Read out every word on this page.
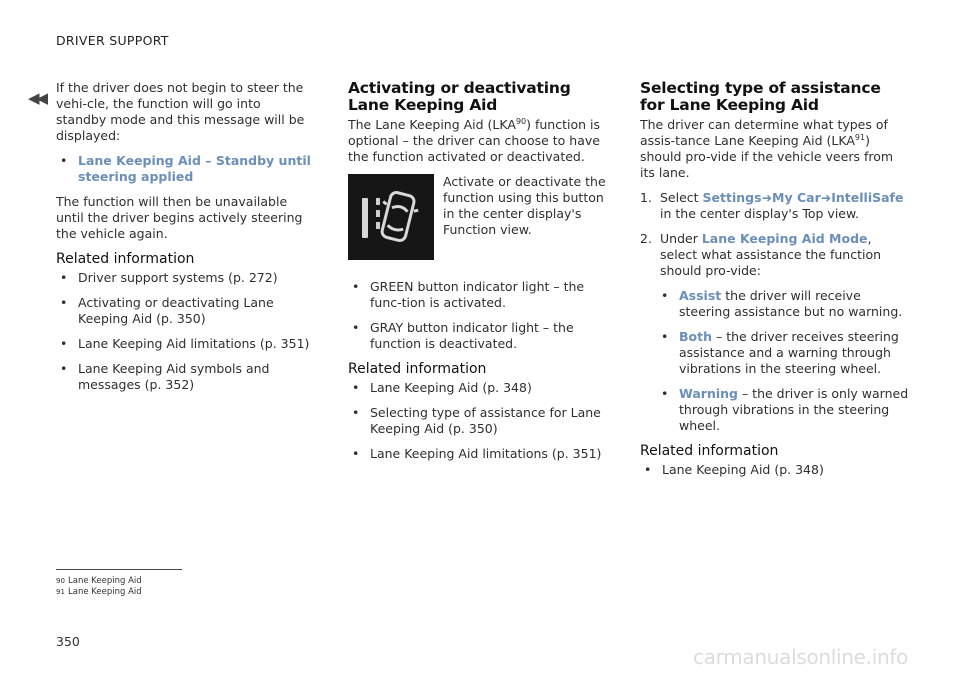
DRIVER SUPPORT
◀◀

If the driver does not begin to steer the vehi-cle, the function will go into standby mode and this message will be displayed:

• Lane Keeping Aid – Standby until steering applied

The function will then be unavailable until the driver begins actively steering the vehicle again.

Related information
• Driver support systems (p. 272)
• Activating or deactivating Lane Keeping Aid (p. 350)
• Lane Keeping Aid limitations (p. 351)
• Lane Keeping Aid symbols and messages (p. 352)
Activating or deactivating Lane Keeping Aid

The Lane Keeping Aid (LKA$^{90}$) function is optional – the driver can choose to have the function activated or deactivated.

Activate or deactivate the function using this button in the center display's Function view.
• GREEN button indicator light – the func-tion is activated.
• GRAY button indicator light – the function is deactivated.
Related information
• Lane Keeping Aid (p. 348)
• Selecting type of assistance for Lane Keeping Aid (p. 350)
• Lane Keeping Aid limitations (p. 351)
Selecting type of assistance for Lane Keeping Aid

The driver can determine what types of assis-tance Lane Keeping Aid (LKA$^{91}$) should pro-vide if the vehicle veers from its lane.

1. Select Settings➜My Car➜IntelliSafe
in the center display's Top view.
2. Under Lane Keeping Aid Mode, select what assistance the function should pro-vide:
• Assist the driver will receive steering assistance but no warning.
• Both – the driver receives steering assistance and a warning through vibrations in the steering wheel.
• Warning – the driver is only warned through vibrations in the steering wheel.
Related information
• Lane Keeping Aid (p. 348)
90 Lane Keeping Aid
91 Lane Keeping Aid
350
carmanualsonline.info
